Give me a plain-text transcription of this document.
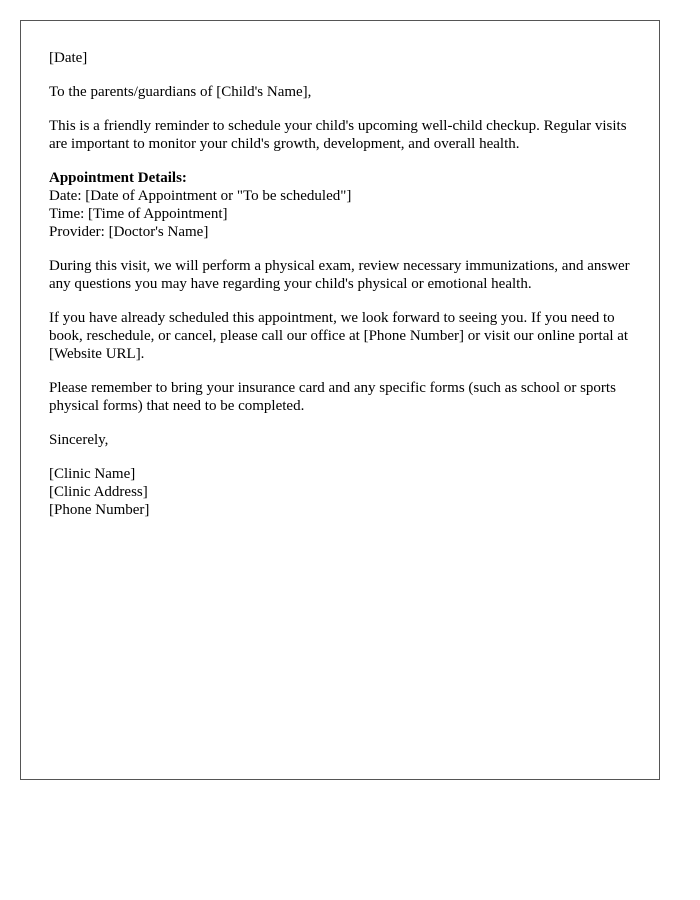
[Date]

To the parents/guardians of [Child's Name],

This is a friendly reminder to schedule your child's upcoming well-child checkup. Regular visits are important to monitor your child's growth, development, and overall health.

Appointment Details:
Date: [Date of Appointment or "To be scheduled"]
Time: [Time of Appointment]
Provider: [Doctor's Name]

During this visit, we will perform a physical exam, review necessary immunizations, and answer any questions you may have regarding your child's physical or emotional health.

If you have already scheduled this appointment, we look forward to seeing you. If you need to book, reschedule, or cancel, please call our office at [Phone Number] or visit our online portal at [Website URL].

Please remember to bring your insurance card and any specific forms (such as school or sports physical forms) that need to be completed.

Sincerely,

[Clinic Name]
[Clinic Address]
[Phone Number]
